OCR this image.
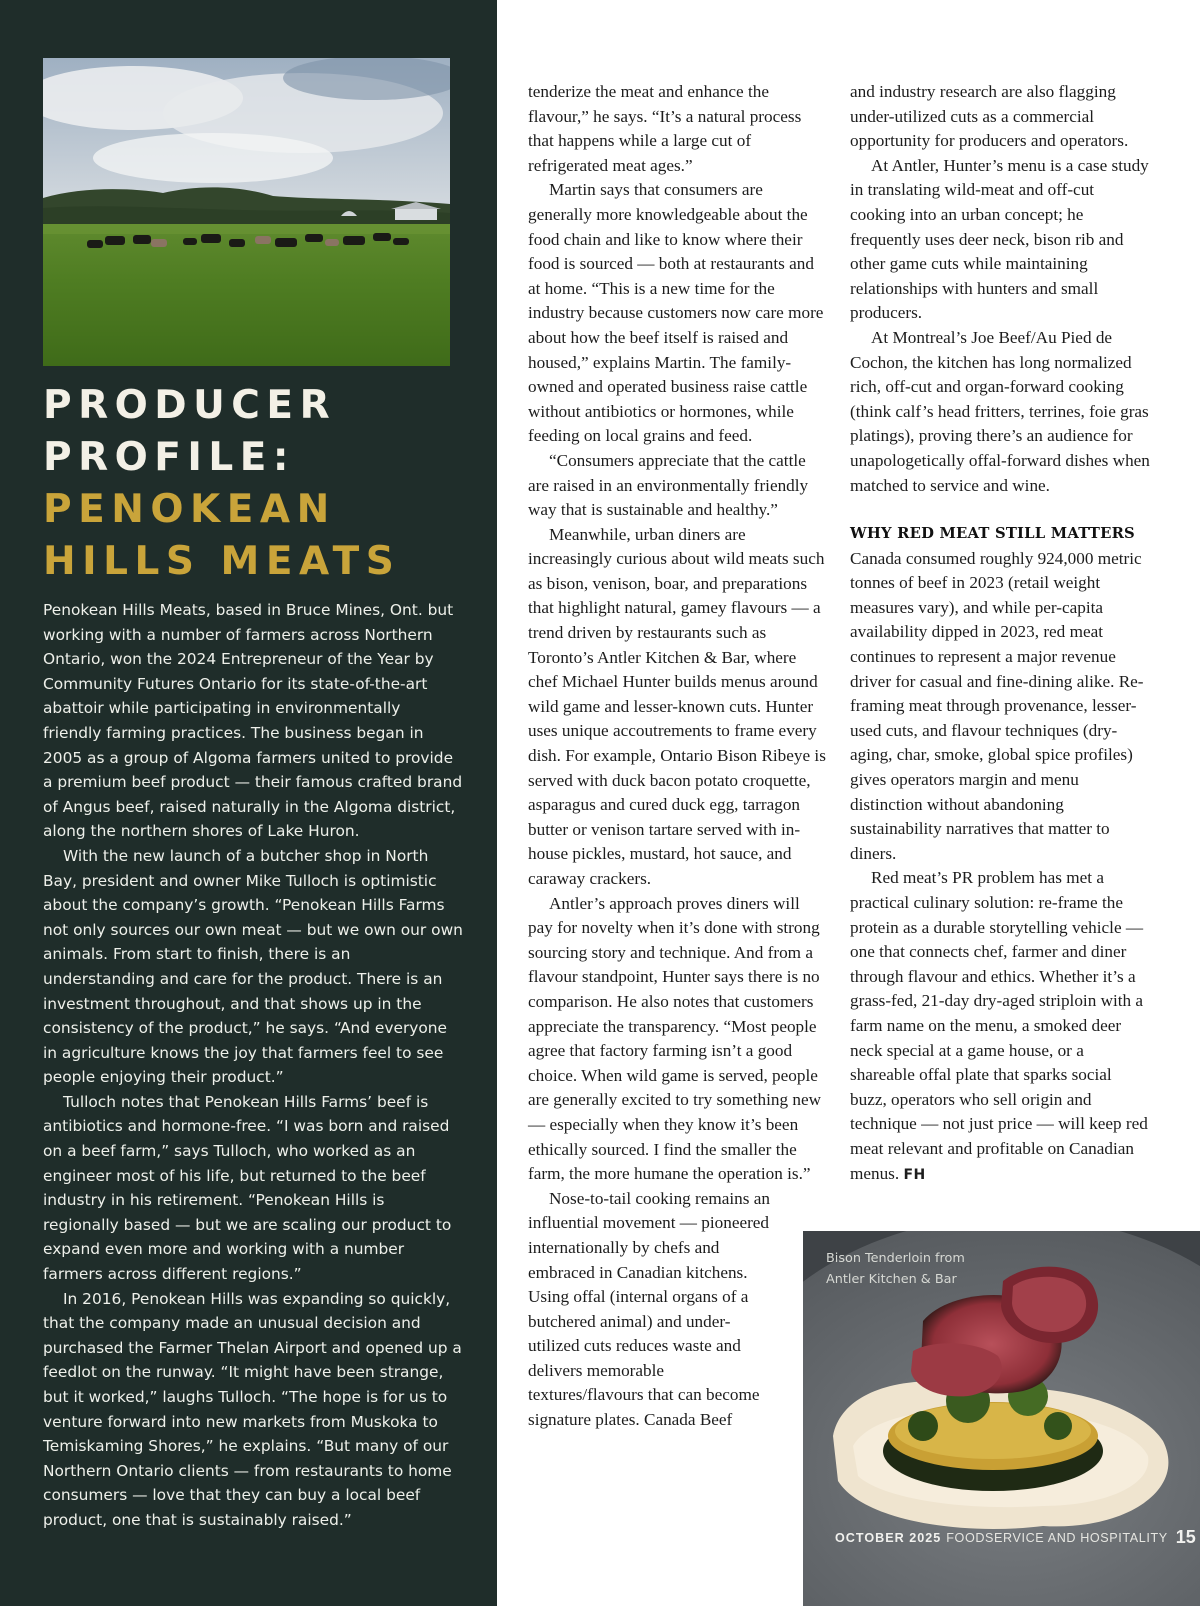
PRODUCER
PROFILE:
PENOKEAN
HILLS MEATS

Penokean Hills Meats, based in Bruce Mines, Ont. but working with a number of farmers across Northern Ontario, won the 2024 Entrepreneur of the Year by Community Futures Ontario for its state-of-the-art abattoir while participating in environmentally friendly farming practices. The business began in 2005 as a group of Algoma farmers united to provide a premium beef product — their famous crafted brand of Angus beef, raised naturally in the Algoma district, along the northern shores of Lake Huron.

With the new launch of a butcher shop in North Bay, president and owner Mike Tulloch is optimistic about the company’s growth. “Penokean Hills Farms not only sources our own meat — but we own our own animals. From start to finish, there is an understanding and care for the product. There is an investment throughout, and that shows up in the consistency of the product,” he says. “And everyone in agriculture knows the joy that farmers feel to see people enjoying their product.”

Tulloch notes that Penokean Hills Farms’ beef is antibiotics and hormone-free. “I was born and raised on a beef farm,” says Tulloch, who worked as an engineer most of his life, but returned to the beef industry in his retirement. “Penokean Hills is regionally based — but we are scaling our product to expand even more and working with a number farmers across different regions.”

In 2016, Penokean Hills was expanding so quickly, that the company made an unusual decision and purchased the Farmer Thelan Airport and opened up a feedlot on the runway. “It might have been strange, but it worked,” laughs Tulloch. “The hope is for us to venture forward into new markets from Muskoka to Temiskaming Shores,” he explains. “But many of our Northern Ontario clients — from restaurants to home consumers — love that they can buy a local beef product, one that is sustainably raised.”

tenderize the meat and enhance the flavour,” he says. “It’s a natural process that happens while a large cut of refrigerated meat ages.”

Martin says that consumers are generally more knowledgeable about the food chain and like to know where their food is sourced — both at restaurants and at home. “This is a new time for the industry because customers now care more about how the beef itself is raised and housed,” explains Martin. The family-owned and operated business raise cattle without antibiotics or hormones, while feeding on local grains and feed.

“Consumers appreciate that the cattle are raised in an environmentally friendly way that is sustainable and healthy.”

Meanwhile, urban diners are increasingly curious about wild meats such as bison, venison, boar, and preparations that highlight natural, gamey flavours — a trend driven by restaurants such as Toronto’s Antler Kitchen & Bar, where chef Michael Hunter builds menus around wild game and lesser-known cuts. Hunter uses unique accoutrements to frame every dish. For example, Ontario Bison Ribeye is served with duck bacon potato croquette, asparagus and cured duck egg, tarragon butter or venison tartare served with in-house pickles, mustard, hot sauce, and caraway crackers.

Antler’s approach proves diners will pay for novelty when it’s done with strong sourcing story and technique. And from a flavour standpoint, Hunter says there is no comparison. He also notes that customers appreciate the transparency. “Most people agree that factory farming isn’t a good choice. When wild game is served, people are generally excited to try something new — especially when they know it’s been ethically sourced. I find the smaller the farm, the more humane the operation is.”

Nose-to-tail cooking remains an influential movement — pioneered internationally by chefs and embraced in Canadian kitchens. Using offal (internal organs of a butchered animal) and under-utilized cuts reduces waste and delivers memorable textures/flavours that can become signature plates. Canada Beef

and industry research are also flagging under-utilized cuts as a commercial opportunity for producers and operators.

At Antler, Hunter’s menu is a case study in translating wild-meat and off-cut cooking into an urban concept; he frequently uses deer neck, bison rib and other game cuts while maintaining relationships with hunters and small producers.

At Montreal’s Joe Beef/Au Pied de Cochon, the kitchen has long normalized rich, off-cut and organ-forward cooking (think calf’s head fritters, terrines, foie gras platings), proving there’s an audience for unapologetically offal-forward dishes when matched to service and wine.

WHY RED MEAT STILL MATTERS

Canada consumed roughly 924,000 metric tonnes of beef in 2023 (retail weight measures vary), and while per-capita availability dipped in 2023, red meat continues to represent a major revenue driver for casual and fine-dining alike. Re-framing meat through provenance, lesser-used cuts, and flavour techniques (dry-aging, char, smoke, global spice profiles) gives operators margin and menu distinction without abandoning sustainability narratives that matter to diners.

Red meat’s PR problem has met a practical culinary solution: re-frame the protein as a durable storytelling vehicle — one that connects chef, farmer and diner through flavour and ethics. Whether it’s a grass-fed, 21-day dry-aged striploin with a farm name on the menu, a smoked deer neck special at a game house, or a shareable offal plate that sparks social buzz, operators who sell origin and technique — not just price — will keep red meat relevant and profitable on Canadian menus. FH

Bison Tenderloin from Antler Kitchen & Bar
OCTOBER 2025 FOODSERVICE AND HOSPITALITY 15
